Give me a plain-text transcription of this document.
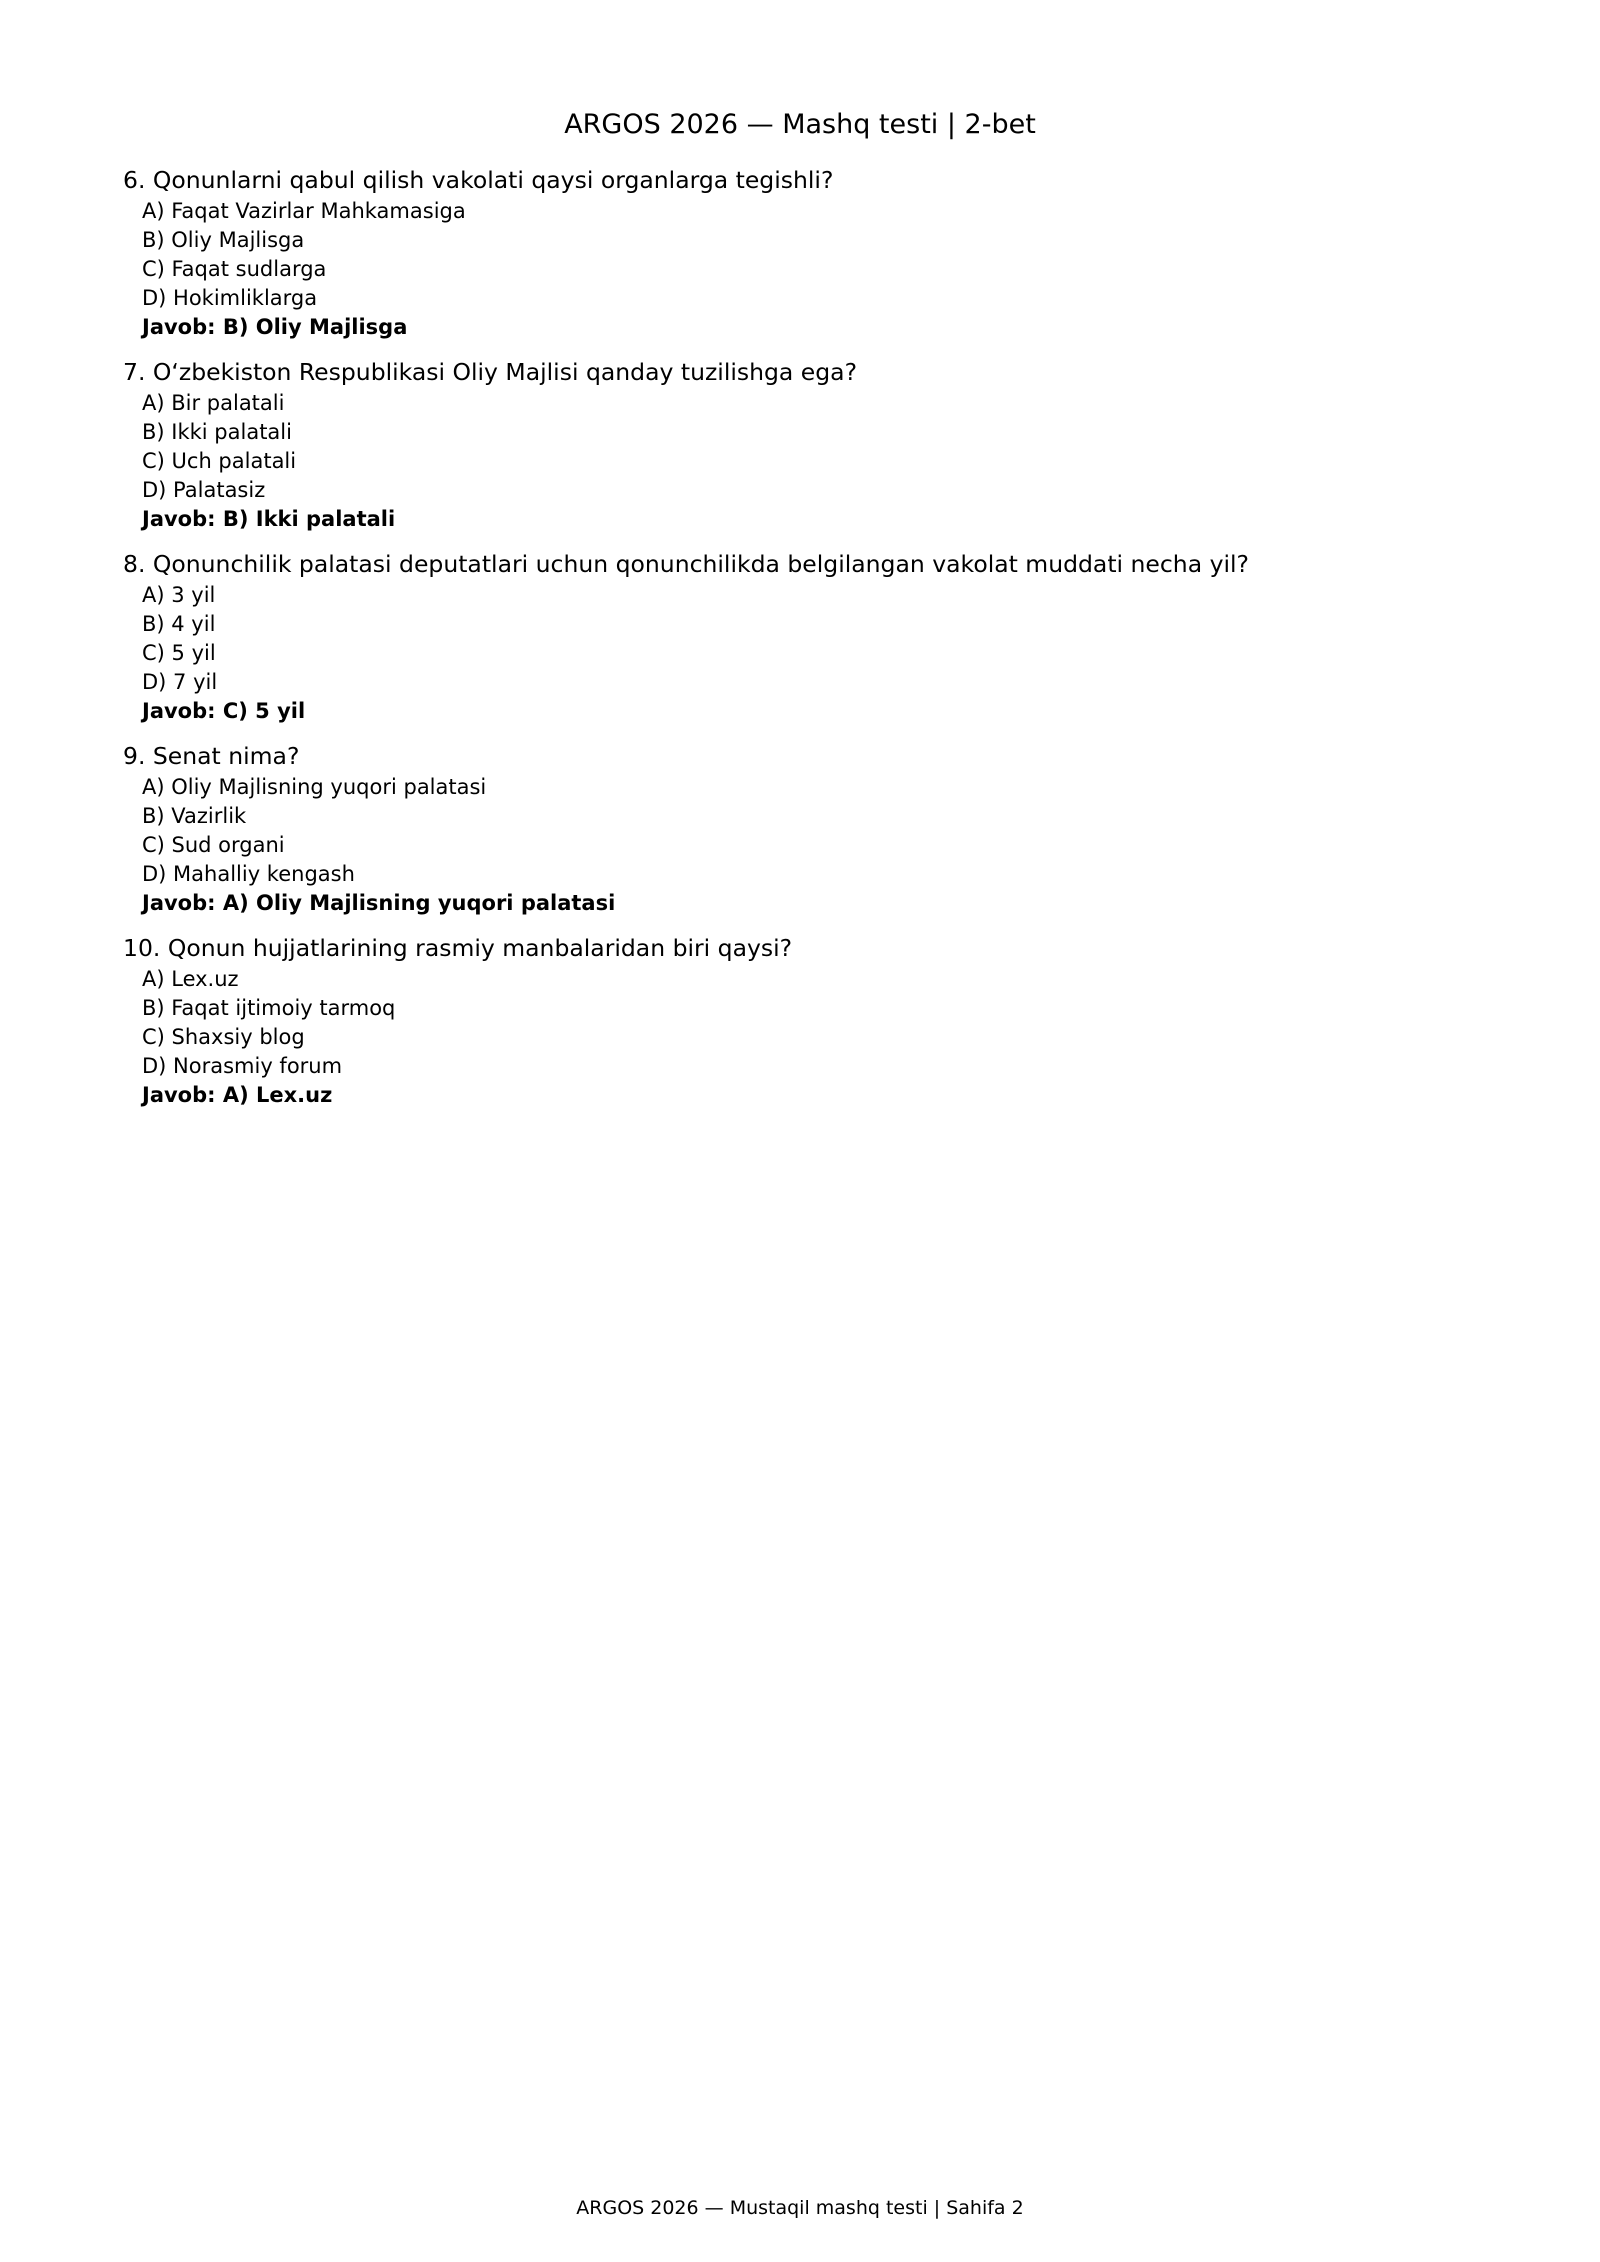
ARGOS 2026 — Mashq testi | 2-bet
6. Qonunlarni qabul qilish vakolati qaysi organlarga tegishli?
A) Faqat Vazirlar Mahkamasiga
B) Oliy Majlisga
C) Faqat sudlarga
D) Hokimliklarga
Javob: B) Oliy Majlisga
7. O‘zbekiston Respublikasi Oliy Majlisi qanday tuzilishga ega?
A) Bir palatali
B) Ikki palatali
C) Uch palatali
D) Palatasiz
Javob: B) Ikki palatali
8. Qonunchilik palatasi deputatlari uchun qonunchilikda belgilangan vakolat muddati necha yil?
A) 3 yil
B) 4 yil
C) 5 yil
D) 7 yil
Javob: C) 5 yil
9. Senat nima?
A) Oliy Majlisning yuqori palatasi
B) Vazirlik
C) Sud organi
D) Mahalliy kengash
Javob: A) Oliy Majlisning yuqori palatasi
10. Qonun hujjatlarining rasmiy manbalaridan biri qaysi?
A) Lex.uz
B) Faqat ijtimoiy tarmoq
C) Shaxsiy blog
D) Norasmiy forum
Javob: A) Lex.uz
ARGOS 2026 — Mustaqil mashq testi | Sahifa 2
